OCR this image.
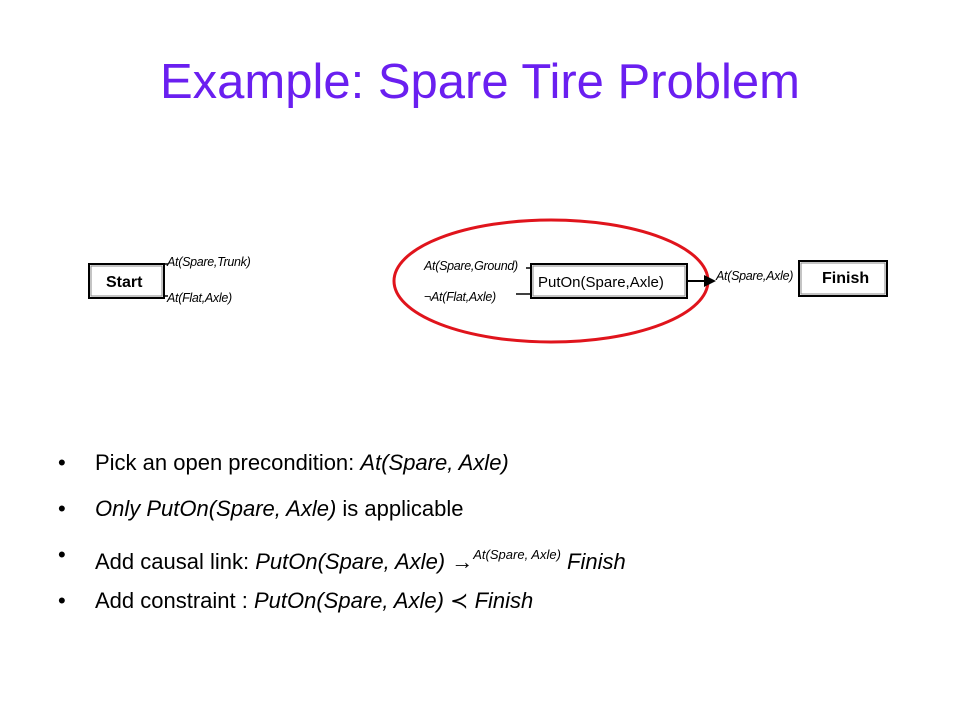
Example: Spare Tire Problem
Start
At(Spare,Trunk)
At(Flat,Axle)
At(Spare,Ground)
¬At(Flat,Axle)
PutOn(Spare,Axle)	At(Spare,Axle) Finish
• Pick an open precondition: At(Spare, Axle)
• Only PutOn(Spare, Axle) is applicable
• Add causal link: PutOn(Spare, Axle) →$^{At(Spare, Axle)}$ Finish
• Add constraint : PutOn(Spare, Axle) ≺ Finish
